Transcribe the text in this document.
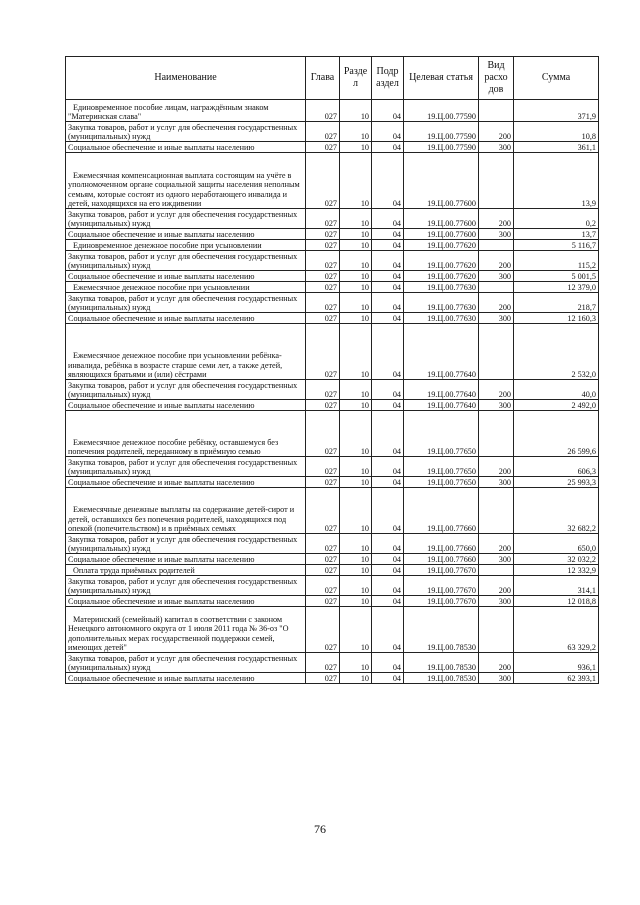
Наименование	Глава	Разде л	Подр аздел	Целевая статья	Вид расхо дов	Сумма
Единовременное пособие лицам, награждённым знаком "Материнская слава"	027	10	04	19.Ц.00.77590		371,9
Закупка товаров, работ и услуг для обеспечения государственных (муниципальных) нужд	027	10	04	19.Ц.00.77590	200	10,8
Социальное обеспечение и иные выплаты населению	027	10	04	19.Ц.00.77590	300	361,1
Ежемесячная компенсационная выплата состоящим на учёте в уполномоченном органе социальной защиты населения неполным семьям, которые состоят из одного неработающего инвалида и детей, находящихся на его иждивении	027	10	04	19.Ц.00.77600		13,9
Закупка товаров, работ и услуг для обеспечения государственных (муниципальных) нужд	027	10	04	19.Ц.00.77600	200	0,2
Социальное обеспечение и иные выплаты населению	027	10	04	19.Ц.00.77600	300	13,7
Единовременное денежное пособие при усыновлении	027	10	04	19.Ц.00.77620		5 116,7
Закупка товаров, работ и услуг для обеспечения государственных (муниципальных) нужд	027	10	04	19.Ц.00.77620	200	115,2
Социальное обеспечение и иные выплаты населению	027	10	04	19.Ц.00.77620	300	5 001,5
Ежемесячное денежное пособие при усыновлении	027	10	04	19.Ц.00.77630		12 379,0
Закупка товаров, работ и услуг для обеспечения государственных (муниципальных) нужд	027	10	04	19.Ц.00.77630	200	218,7
Социальное обеспечение и иные выплаты населению	027	10	04	19.Ц.00.77630	300	12 160,3
Ежемесячное денежное пособие при усыновлении ребёнка-инвалида, ребёнка в возрасте старше семи лет, а также детей, являющихся братьями и (или) сёстрами	027	10	04	19.Ц.00.77640		2 532,0
Закупка товаров, работ и услуг для обеспечения государственных (муниципальных) нужд	027	10	04	19.Ц.00.77640	200	40,0
Социальное обеспечение и иные выплаты населению	027	10	04	19.Ц.00.77640	300	2 492,0
Ежемесячное денежное пособие ребёнку, оставшемуся без попечения родителей, переданному в приёмную семью	027	10	04	19.Ц.00.77650		26 599,6
Закупка товаров, работ и услуг для обеспечения государственных (муниципальных) нужд	027	10	04	19.Ц.00.77650	200	606,3
Социальное обеспечение и иные выплаты населению	027	10	04	19.Ц.00.77650	300	25 993,3
Ежемесячные денежные выплаты на содержание детей-сирот и детей, оставшихся без попечения родителей, находящихся под опекой (попечительством) и в приёмных семьях	027	10	04	19.Ц.00.77660		32 682,2
Закупка товаров, работ и услуг для обеспечения государственных (муниципальных) нужд	027	10	04	19.Ц.00.77660	200	650,0
Социальное обеспечение и иные выплаты населению	027	10	04	19.Ц.00.77660	300	32 032,2
Оплата труда приёмных родителей	027	10	04	19.Ц.00.77670		12 332,9
Закупка товаров, работ и услуг для обеспечения государственных (муниципальных) нужд	027	10	04	19.Ц.00.77670	200	314,1
Социальное обеспечение и иные выплаты населению	027	10	04	19.Ц.00.77670	300	12 018,8
Материнский (семейный) капитал в соответствии с законом Ненецкого автономного округа от 1 июля 2011 года № 36-оз "О дополнительных мерах государственной поддержки семей, имеющих детей"	027	10	04	19.Ц.00.78530		63 329,2
Закупка товаров, работ и услуг для обеспечения государственных (муниципальных) нужд	027	10	04	19.Ц.00.78530	200	936,1
Социальное обеспечение и иные выплаты населению	027	10	04	19.Ц.00.78530	300	62 393,1
76
